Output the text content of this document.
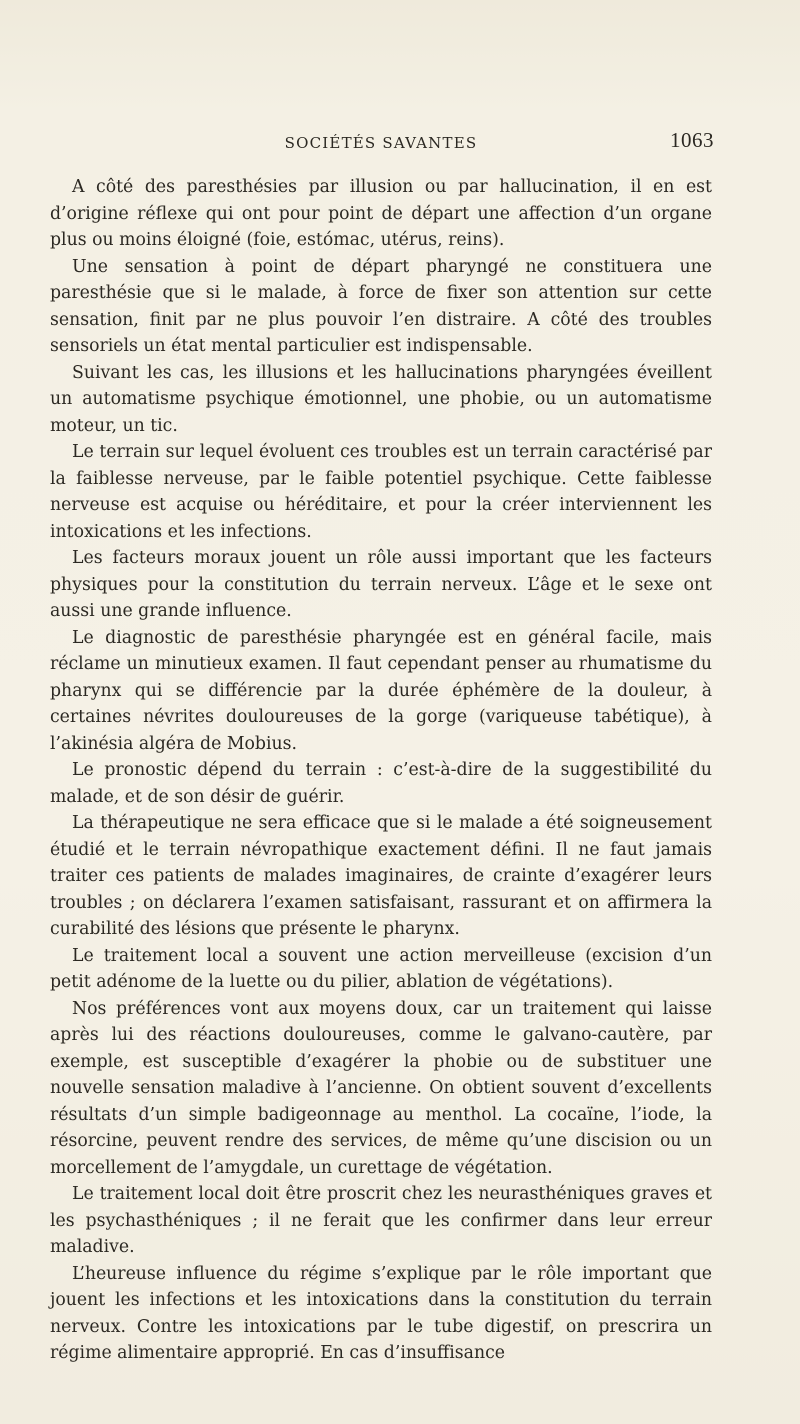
SOCIÉTÉS SAVANTES	1063

A côté des paresthésies par illusion ou par hallucination, il en est d’origine réflexe qui ont pour point de départ une affection d’un organe plus ou moins éloigné (foie, estómac, utérus, reins).

Une sensation à point de départ pharyngé ne constituera une paresthésie que si le malade, à force de fixer son attention sur cette sensation, finit par ne plus pouvoir l’en distraire. A côté des troubles sensoriels un état mental particulier est indispensable.

Suivant les cas, les illusions et les hallucinations pharyngées éveillent un automatisme psychique émotionnel, une phobie, ou un automatisme moteur, un tic.

Le terrain sur lequel évoluent ces troubles est un terrain caractérisé par la faiblesse nerveuse, par le faible potentiel psychique. Cette faiblesse nerveuse est acquise ou héréditaire, et pour la créer interviennent les intoxications et les infections.

Les facteurs moraux jouent un rôle aussi important que les facteurs physiques pour la constitution du terrain nerveux. L’âge et le sexe ont aussi une grande influence.

Le diagnostic de paresthésie pharyngée est en général facile, mais réclame un minutieux examen. Il faut cependant penser au rhumatisme du pharynx qui se différencie par la durée éphémère de la douleur, à certaines névrites douloureuses de la gorge (variqueuse tabétique), à l’akinésia algéra de Mobius.

Le pronostic dépend du terrain : c’est-à-dire de la suggestibilité du malade, et de son désir de guérir.

La thérapeutique ne sera efficace que si le malade a été soigneusement étudié et le terrain névropathique exactement défini. Il ne faut jamais traiter ces patients de malades imaginaires, de crainte d’exagérer leurs troubles ; on déclarera l’examen satisfaisant, rassurant et on affirmera la curabilité des lésions que présente le pharynx.

Le traitement local a souvent une action merveilleuse (excision d’un petit adénome de la luette ou du pilier, ablation de végétations).

Nos préférences vont aux moyens doux, car un traitement qui laisse après lui des réactions douloureuses, comme le galvano-cautère, par exemple, est susceptible d’exagérer la phobie ou de substituer une nouvelle sensation maladive à l’ancienne. On obtient souvent d’excellents résultats d’un simple badigeonnage au menthol. La cocaïne, l’iode, la résorcine, peuvent rendre des services, de même qu’une discision ou un morcellement de l’amygdale, un curettage de végétation.

Le traitement local doit être proscrit chez les neurasthéniques graves et les psychasthéniques ; il ne ferait que les confirmer dans leur erreur maladive.

L’heureuse influence du régime s’explique par le rôle important que jouent les infections et les intoxications dans la constitution du terrain nerveux. Contre les intoxications par le tube digestif, on prescrira un régime alimentaire approprié. En cas d’insuffisance
